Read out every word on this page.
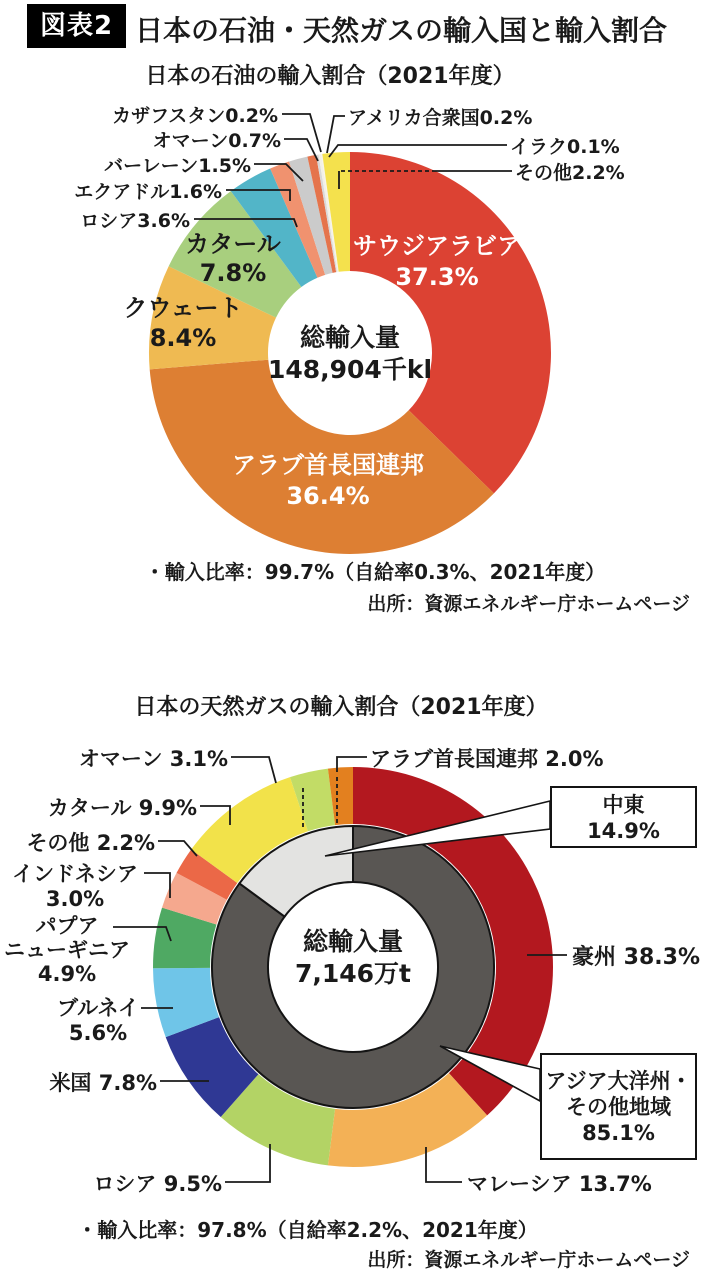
図表2 日本の石油・天然ガスの輸入国と輸入割合
日本の石油の輸入割合（2021年度）
日本の天然ガスの輸入割合（2021年度）
総輸入量
148,904千kl
総輸入量
7,146万t
・輸入比率：99.7%（自給率0.3%、2021年度）
出所：資源エネルギー庁ホームページ
・輸入比率：97.8%（自給率2.2%、2021年度）
出所：資源エネルギー庁ホームページ
中東
14.9%
アジア大洋州・
その他地域
85.1%
サウジアラビア
37.3%
アラブ首長国連邦
36.4%
クウェート
8.4%
カタール
7.8%
ロシア3.6%
エクアドル1.6%
バーレーン1.5%
オマーン0.7%
カザフスタン0.2%	アメリカ合衆国0.2%
イラク0.1%
その他2.2%
豪州 38.3%
マレーシア 13.7%
ロシア 9.5%
米国 7.8%
ブルネイ
5.6%
パプア
ニューギニア
4.9%
インドネシア
3.0%
その他 2.2%
カタール 9.9%
オマーン 3.1%	アラブ首長国連邦 2.0%
